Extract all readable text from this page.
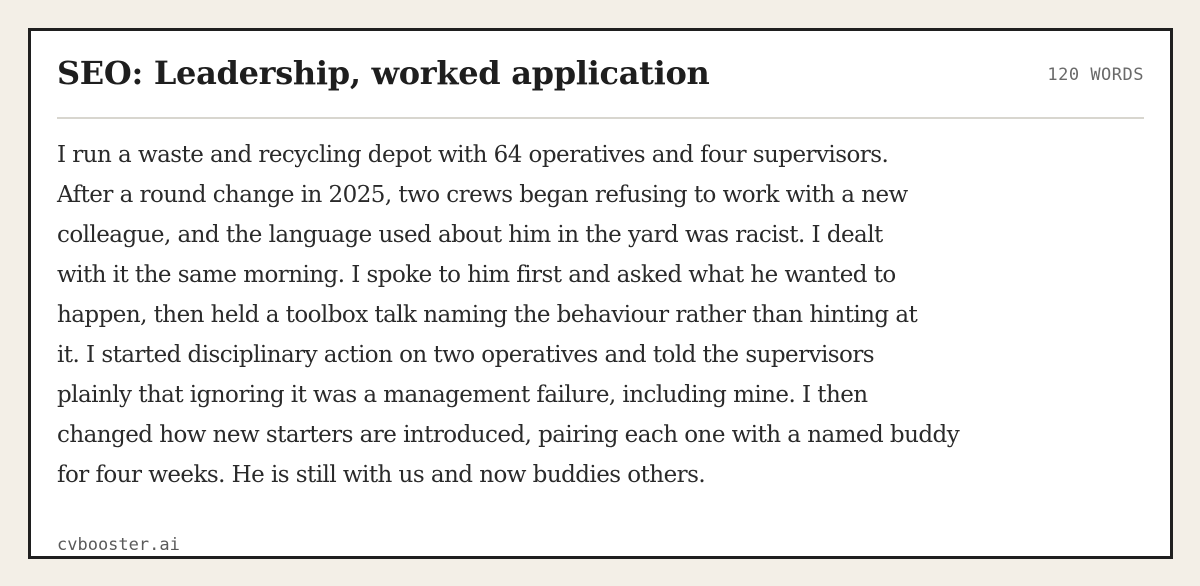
SEO: Leadership, worked application	120 WORDS

I run a waste and recycling depot with 64 operatives and four supervisors.
After a round change in 2025, two crews began refusing to work with a new
colleague, and the language used about him in the yard was racist. I dealt
with it the same morning. I spoke to him first and asked what he wanted to
happen, then held a toolbox talk naming the behaviour rather than hinting at
it. I started disciplinary action on two operatives and told the supervisors
plainly that ignoring it was a management failure, including mine. I then
changed how new starters are introduced, pairing each one with a named buddy
for four weeks. He is still with us and now buddies others.

cvbooster.ai
